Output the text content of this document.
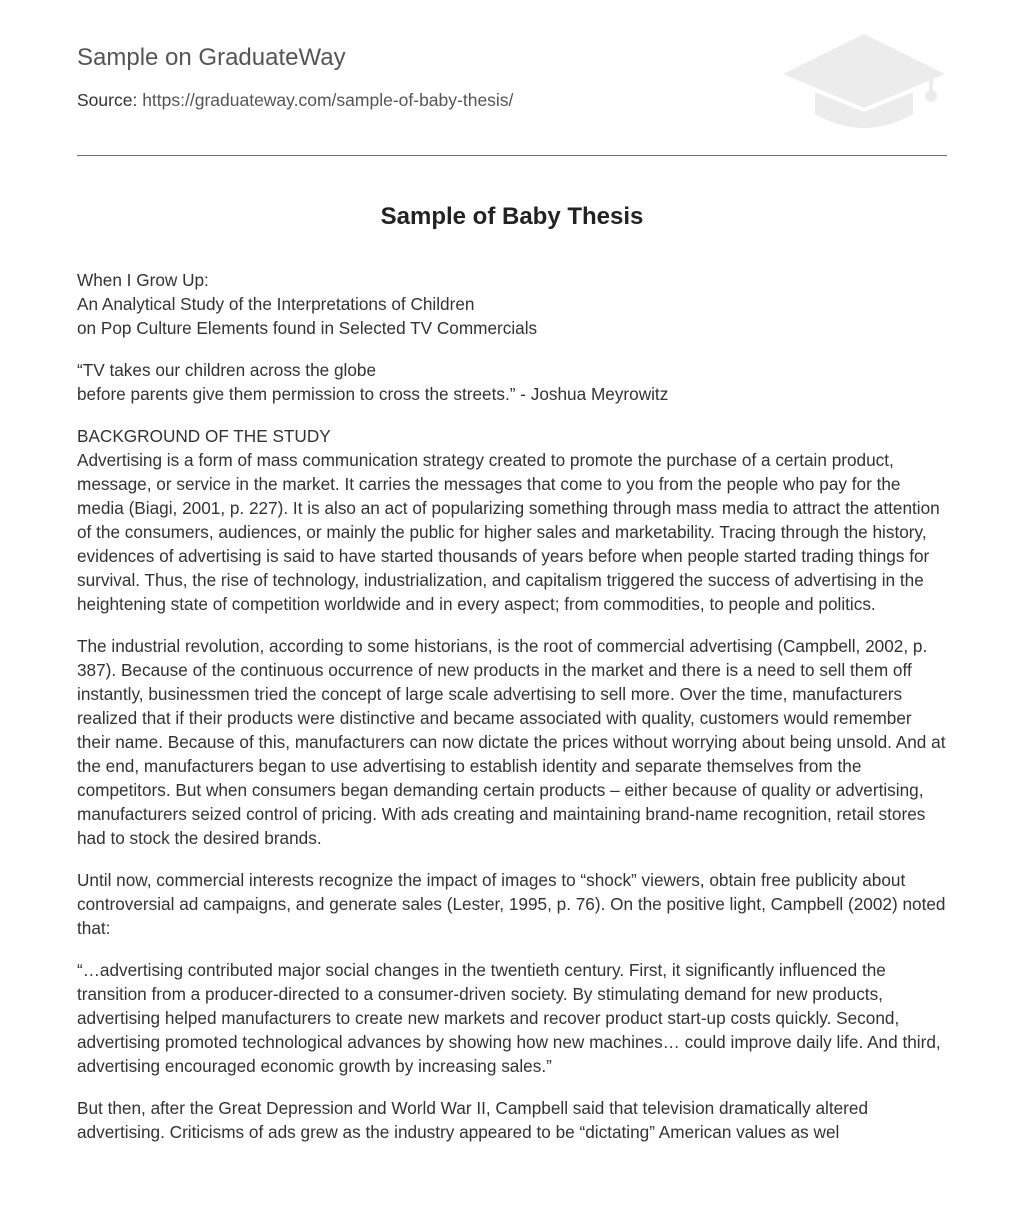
Sample on GraduateWay
Source: https://graduateway.com/sample-of-baby-thesis/
Sample of Baby Thesis

When I Grow Up:
An Analytical Study of the Interpretations of Children
on Pop Culture Elements found in Selected TV Commercials

“TV takes our children across the globe
before parents give them permission to cross the streets.” - Joshua Meyrowitz

BACKGROUND OF THE STUDY
Advertising is a form of mass communication strategy created to promote the purchase of a certain product, message, or service in the market. It carries the messages that come to you from the people who pay for the media (Biagi, 2001, p. 227). It is also an act of popularizing something through mass media to attract the attention of the consumers, audiences, or mainly the public for higher sales and marketability. Tracing through the history, evidences of advertising is said to have started thousands of years before when people started trading things for survival. Thus, the rise of technology, industrialization, and capitalism triggered the success of advertising in the heightening state of competition worldwide and in every aspect; from commodities, to people and politics.

The industrial revolution, according to some historians, is the root of commercial advertising (Campbell, 2002, p. 387). Because of the continuous occurrence of new products in the market and there is a need to sell them off instantly, businessmen tried the concept of large scale advertising to sell more. Over the time, manufacturers realized that if their products were distinctive and became associated with quality, customers would remember their name. Because of this, manufacturers can now dictate the prices without worrying about being unsold. And at the end, manufacturers began to use advertising to establish identity and separate themselves from the competitors. But when consumers began demanding certain products – either because of quality or advertising, manufacturers seized control of pricing. With ads creating and maintaining brand-name recognition, retail stores had to stock the desired brands.

Until now, commercial interests recognize the impact of images to “shock” viewers, obtain free publicity about controversial ad campaigns, and generate sales (Lester, 1995, p. 76). On the positive light, Campbell (2002) noted that:

“…advertising contributed major social changes in the twentieth century. First, it significantly influenced the transition from a producer-directed to a consumer-driven society. By stimulating demand for new products, advertising helped manufacturers to create new markets and recover product start-up costs quickly. Second, advertising promoted technological advances by showing how new machines… could improve daily life. And third, advertising encouraged economic growth by increasing sales.”

But then, after the Great Depression and World War II, Campbell said that television dramatically altered advertising. Criticisms of ads grew as the industry appeared to be “dictating” American values as wel
